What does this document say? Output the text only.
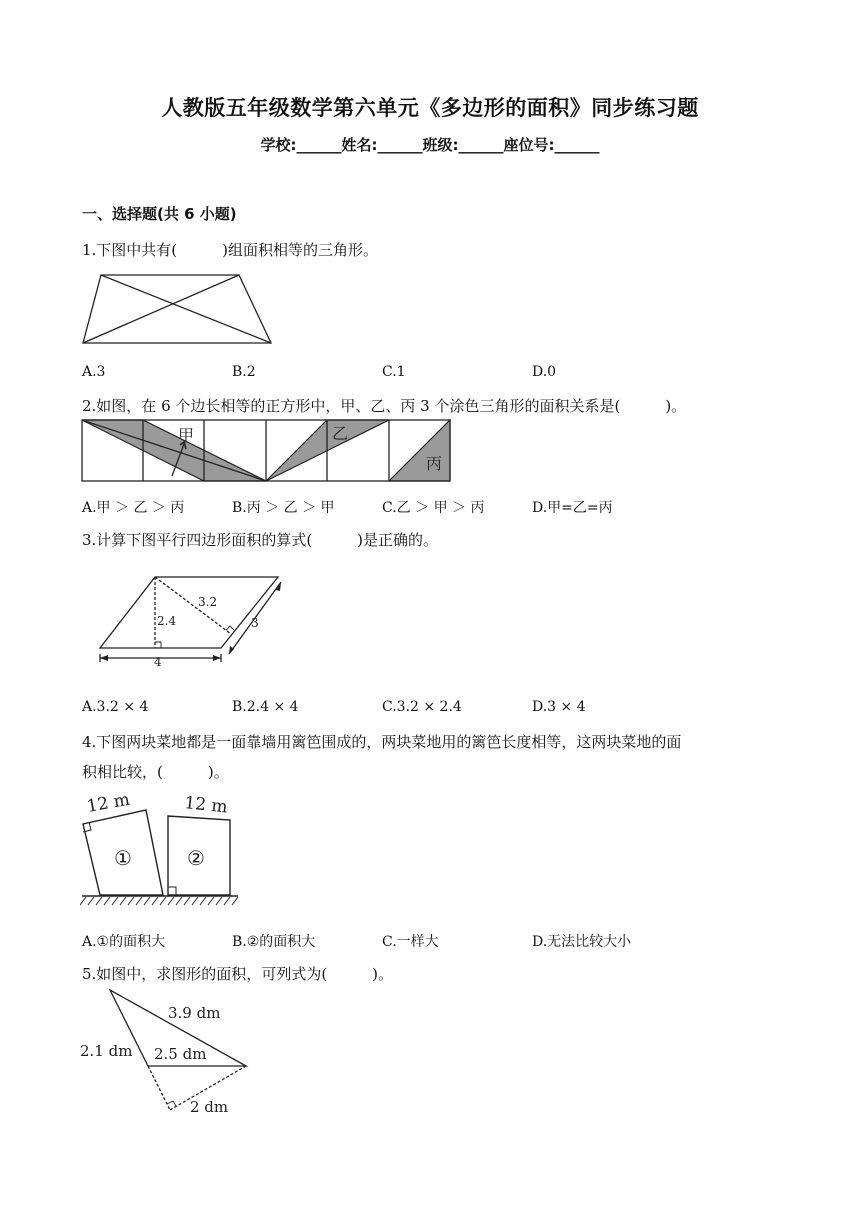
人教版五年级数学第六单元《多边形的面积》同步练习题
学校:______姓名:______班级:______座位号:______
一、选择题(共 6 小题)
1.下图中共有(　　　)组面积相等的三角形。
A.3	B.2	C.1	D.0
2.如图，在 6 个边长相等的正方形中，甲、乙、丙 3 个涂色三角形的面积关系是(　　　)。
甲	乙
丙
A.甲 ＞ 乙 ＞ 丙	B.丙 ＞ 乙 ＞ 甲	C.乙 ＞ 甲 ＞ 丙	D.甲=乙=丙
3.计算下图平行四边形面积的算式(　　　)是正确的。
3.2
2.4	3
4
A.3.2 × 4	B.2.4 × 4	C.3.2 × 2.4	D.3 × 4
4.下图两块菜地都是一面靠墙用篱笆围成的，两块菜地用的篱笆长度相等，这两块菜地的面
积相比较，(　　　)。
12 m	12 m
①	②
A.①的面积大	B.②的面积大	C.一样大	D.无法比较大小
5.如图中，求图形的面积，可列式为(　　　)。
3.9 dm
2.1 dm 2.5 dm
2 dm
